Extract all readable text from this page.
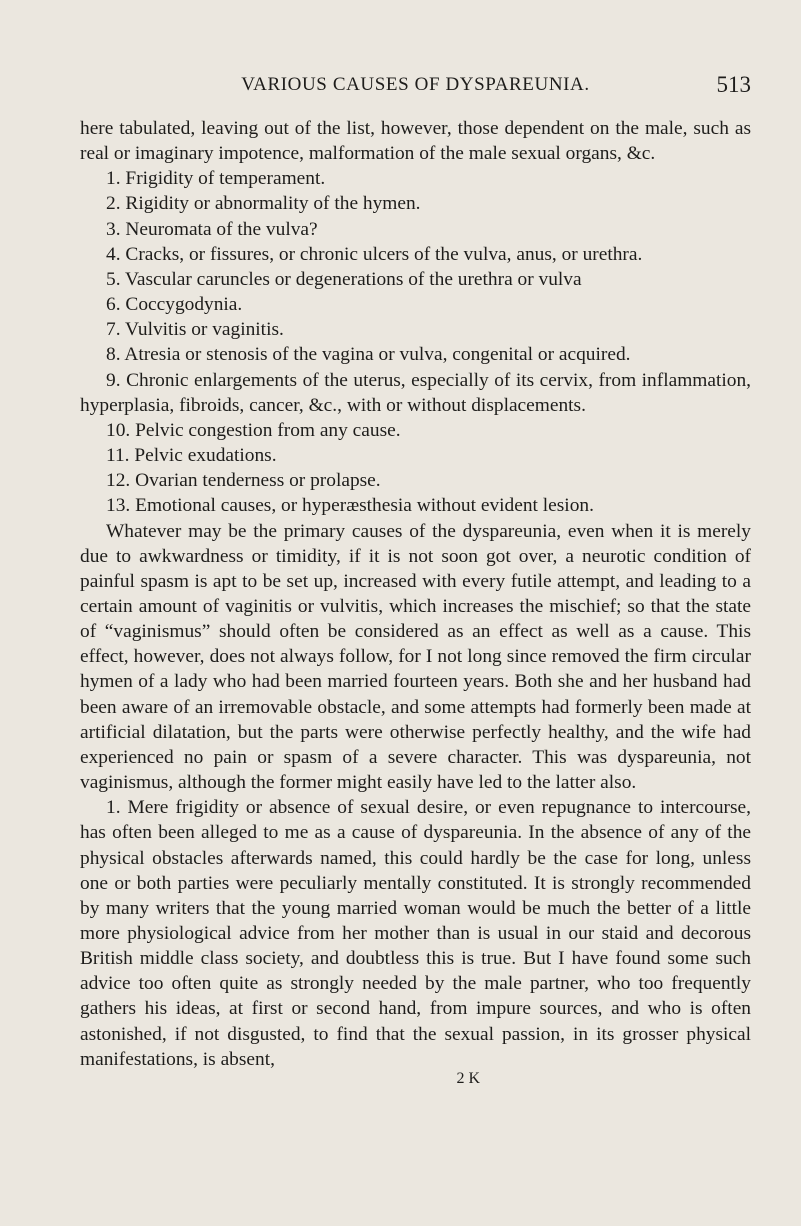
VARIOUS CAUSES OF DYSPAREUNIA.	513

here tabulated, leaving out of the list, however, those dependent on the male, such as real or imaginary impotence, malformation of the male sexual organs, &c.

1. Frigidity of temperament.
2. Rigidity or abnormality of the hymen.
3. Neuromata of the vulva?
4. Cracks, or fissures, or chronic ulcers of the vulva, anus, or urethra.
5. Vascular caruncles or degenerations of the urethra or vulva
6. Coccygodynia.
7. Vulvitis or vaginitis.
8. Atresia or stenosis of the vagina or vulva, congenital or acquired.
9. Chronic enlargements of the uterus, especially of its cervix, from inflammation, hyperplasia, fibroids, cancer, &c., with or without displacements.
10. Pelvic congestion from any cause.
11. Pelvic exudations.
12. Ovarian tenderness or prolapse.
13. Emotional causes, or hyperæsthesia without evident lesion.

Whatever may be the primary causes of the dyspareunia, even when it is merely due to awkwardness or timidity, if it is not soon got over, a neurotic condition of painful spasm is apt to be set up, increased with every futile attempt, and leading to a certain amount of vaginitis or vulvitis, which increases the mischief; so that the state of “vaginismus” should often be considered as an effect as well as a cause. This effect, however, does not always follow, for I not long since removed the firm circular hymen of a lady who had been married fourteen years. Both she and her husband had been aware of an irremovable obstacle, and some attempts had formerly been made at artificial dilatation, but the parts were otherwise perfectly healthy, and the wife had experienced no pain or spasm of a severe character. This was dyspareunia, not vaginismus, although the former might easily have led to the latter also.

1. Mere frigidity or absence of sexual desire, or even repugnance to intercourse, has often been alleged to me as a cause of dyspareunia. In the absence of any of the physical obstacles afterwards named, this could hardly be the case for long, unless one or both parties were peculiarly mentally constituted. It is strongly recommended by many writers that the young married woman would be much the better of a little more physiological advice from her mother than is usual in our staid and decorous British middle class society, and doubtless this is true. But I have found some such advice too often quite as strongly needed by the male partner, who too frequently gathers his ideas, at first or second hand, from impure sources, and who is often astonished, if not disgusted, to find that the sexual passion, in its grosser physical manifestations, is absent,

2 K
